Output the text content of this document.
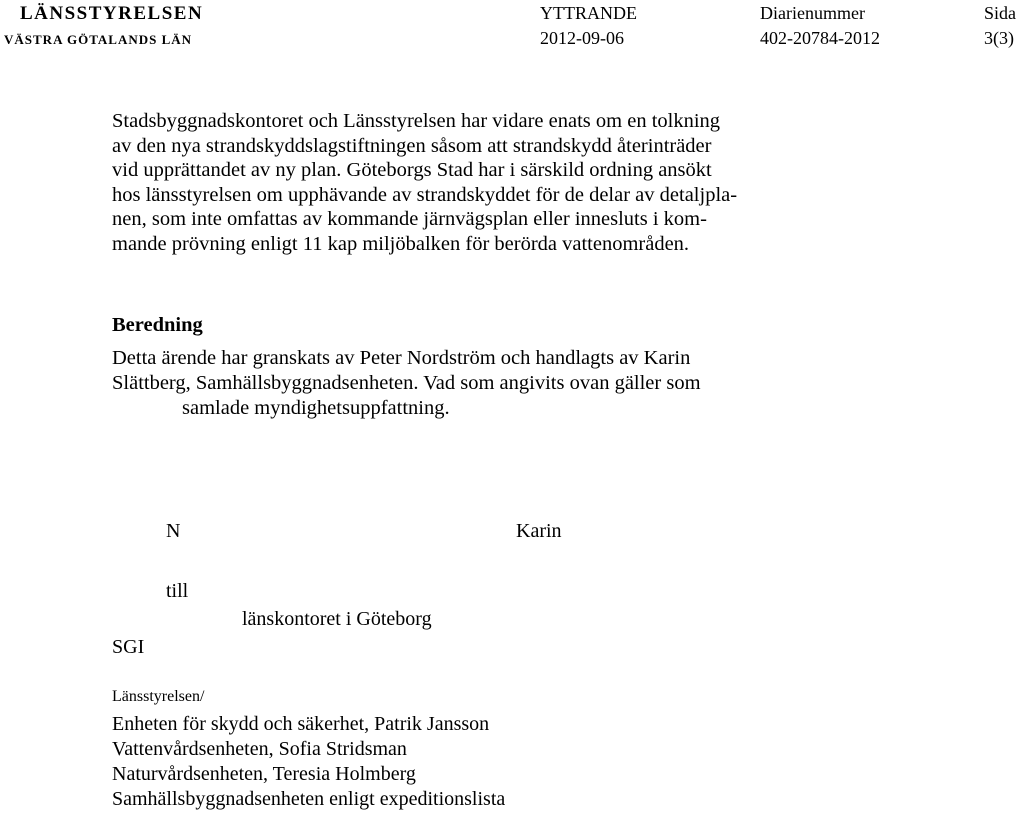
LÄNSSTYRELSEN
VÄSTRA GÖTALANDS LÄN
YTTRANDE
2012-09-06
Diarienummer
402-20784-2012
Sida
3(3)
Stadsbyggnadskontoret och Länsstyrelsen har vidare enats om en tolkning
av den nya strandskyddslagstiftningen såsom att strandskydd återinträder
vid upprättandet av ny plan. Göteborgs Stad har i särskild ordning ansökt
hos länsstyrelsen om upphävande av strandskyddet för de delar av detaljpla-
nen, som inte omfattas av kommande järnvägsplan eller innesluts i kom-
mande prövning enligt 11 kap miljöbalken för berörda vattenområden.
Beredning
Detta ärende har granskats av Peter Nordström och handlagts av Karin
Slättberg, Samhällsbyggnadsenheten. Vad som angivits ovan gäller som
samlade myndighetsuppfattning.
N	Karin
till
länskontoret i Göteborg
SGI
Länsstyrelsen/
Enheten för skydd och säkerhet, Patrik Jansson
Vattenvårdsenheten, Sofia Stridsman
Naturvårdsenheten, Teresia Holmberg
Samhällsbyggnadsenheten enligt expeditionslista
